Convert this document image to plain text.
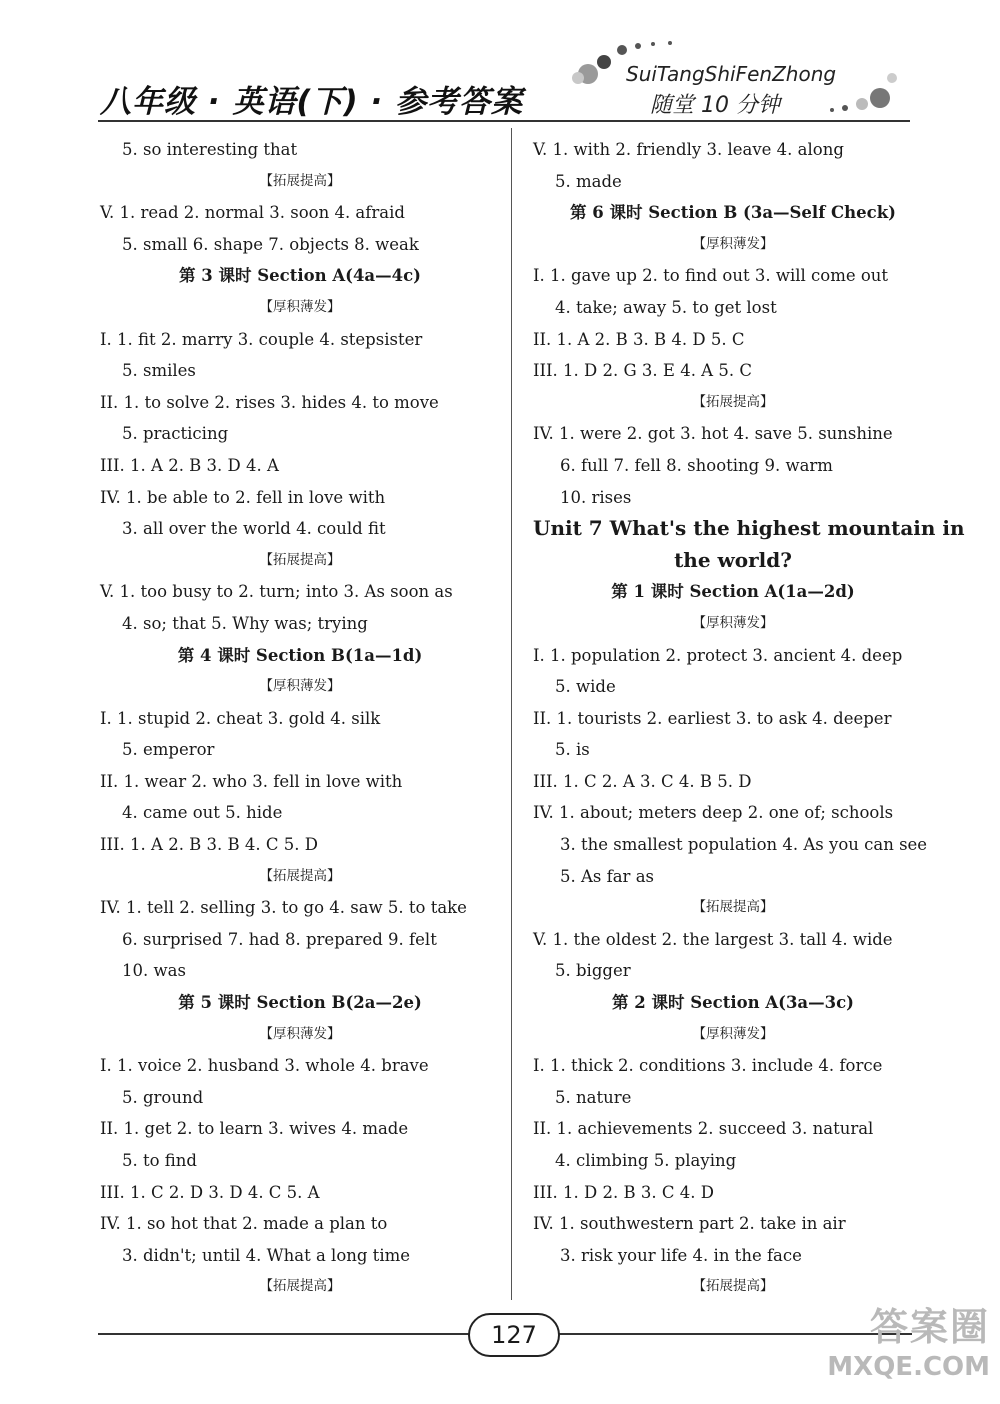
八年级 · 英语(下) · 参考答案
SuiTangShiFenZhong
随堂 10 分钟
5. so interesting that
【拓展提高】
V. 1. read 2. normal 3. soon 4. afraid
5. small 6. shape 7. objects 8. weak
第 3 课时 Section A(4a—4c)
【厚积薄发】
I. 1. fit 2. marry 3. couple 4. stepsister
5. smiles
II. 1. to solve 2. rises 3. hides 4. to move
5. practicing
III. 1. A 2. B 3. D 4. A
IV. 1. be able to 2. fell in love with
3. all over the world 4. could fit
【拓展提高】
V. 1. too busy to 2. turn; into 3. As soon as
4. so; that 5. Why was; trying
第 4 课时 Section B(1a—1d)
【厚积薄发】
I. 1. stupid 2. cheat 3. gold 4. silk
5. emperor
II. 1. wear 2. who 3. fell in love with
4. came out 5. hide
III. 1. A 2. B 3. B 4. C 5. D
【拓展提高】
IV. 1. tell 2. selling 3. to go 4. saw 5. to take
6. surprised 7. had 8. prepared 9. felt
10. was
第 5 课时 Section B(2a—2e)
【厚积薄发】
I. 1. voice 2. husband 3. whole 4. brave
5. ground
II. 1. get 2. to learn 3. wives 4. made
5. to find
III. 1. C 2. D 3. D 4. C 5. A
IV. 1. so hot that 2. made a plan to
3. didn't; until 4. What a long time
【拓展提高】
V. 1. with 2. friendly 3. leave 4. along
5. made
第 6 课时 Section B (3a—Self Check)
【厚积薄发】
I. 1. gave up 2. to find out 3. will come out
4. take; away 5. to get lost
II. 1. A 2. B 3. B 4. D 5. C
III. 1. D 2. G 3. E 4. A 5. C
【拓展提高】
IV. 1. were 2. got 3. hot 4. save 5. sunshine
6. full 7. fell 8. shooting 9. warm
10. rises
Unit 7 What's the highest mountain in
the world?
第 1 课时 Section A(1a—2d)
【厚积薄发】
I. 1. population 2. protect 3. ancient 4. deep
5. wide
II. 1. tourists 2. earliest 3. to ask 4. deeper
5. is
III. 1. C 2. A 3. C 4. B 5. D
IV. 1. about; meters deep 2. one of; schools
3. the smallest population 4. As you can see
5. As far as
【拓展提高】
V. 1. the oldest 2. the largest 3. tall 4. wide
5. bigger
第 2 课时 Section A(3a—3c)
【厚积薄发】
I. 1. thick 2. conditions 3. include 4. force
5. nature
II. 1. achievements 2. succeed 3. natural
4. climbing 5. playing
III. 1. D 2. B 3. C 4. D
IV. 1. southwestern part 2. take in air
3. risk your life 4. in the face
【拓展提高】
127	答案圈
MXQE.COM
